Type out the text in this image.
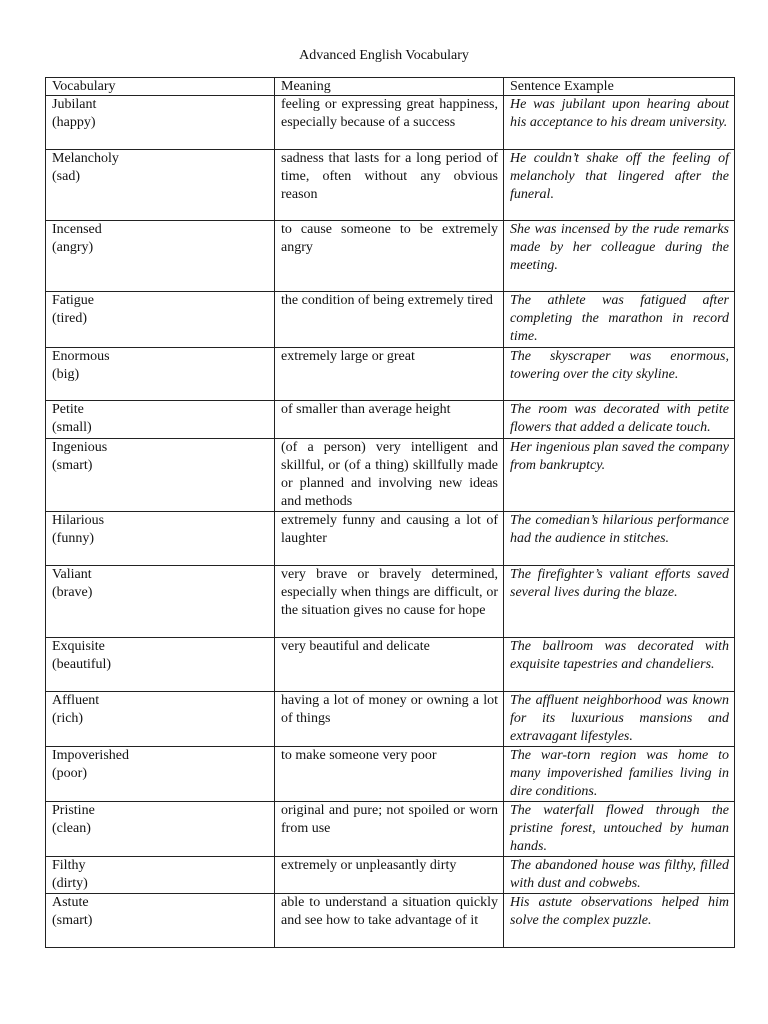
Advanced English Vocabulary
Vocabulary	Meaning	Sentence Example

Jubilant
(happy)	feeling or expressing great happiness, especially because of a success	He was jubilant upon hearing about his acceptance to his dream university.

Melancholy
(sad)	sadness that lasts for a long period of time, often without any obvious reason	He couldn’t shake off the feeling of melancholy that lingered after the funeral.

Incensed
(angry)	to cause someone to be extremely angry	She was incensed by the rude remarks made by her colleague during the meeting.

Fatigue
(tired)	the condition of being extremely tired	The athlete was fatigued after completing the marathon in record time.

Enormous
(big)	extremely large or great	The skyscraper was enormous, towering over the city skyline.

Petite
(small)	of smaller than average height	The room was decorated with petite flowers that added a delicate touch.

Ingenious
(smart)	(of a person) very intelligent and skillful, or (of a thing) skillfully made or planned and involving new ideas and methods	Her ingenious plan saved the company from bankruptcy.

Hilarious
(funny)	extremely funny and causing a lot of laughter	The comedian’s hilarious performance had the audience in stitches.

Valiant
(brave)	very brave or bravely determined, especially when things are difficult, or the situation gives no cause for hope	The firefighter’s valiant efforts saved several lives during the blaze.

Exquisite
(beautiful)	very beautiful and delicate	The ballroom was decorated with exquisite tapestries and chandeliers.

Affluent
(rich)	having a lot of money or owning a lot of things	The affluent neighborhood was known for its luxurious mansions and extravagant lifestyles.

Impoverished
(poor)	to make someone very poor	The war-torn region was home to many impoverished families living in dire conditions.

Pristine
(clean)	original and pure; not spoiled or worn from use	The waterfall flowed through the pristine forest, untouched by human hands.

Filthy
(dirty)	extremely or unpleasantly dirty	The abandoned house was filthy, filled with dust and cobwebs.

Astute
(smart)	able to understand a situation quickly and see how to take advantage of it	His astute observations helped him solve the complex puzzle.
